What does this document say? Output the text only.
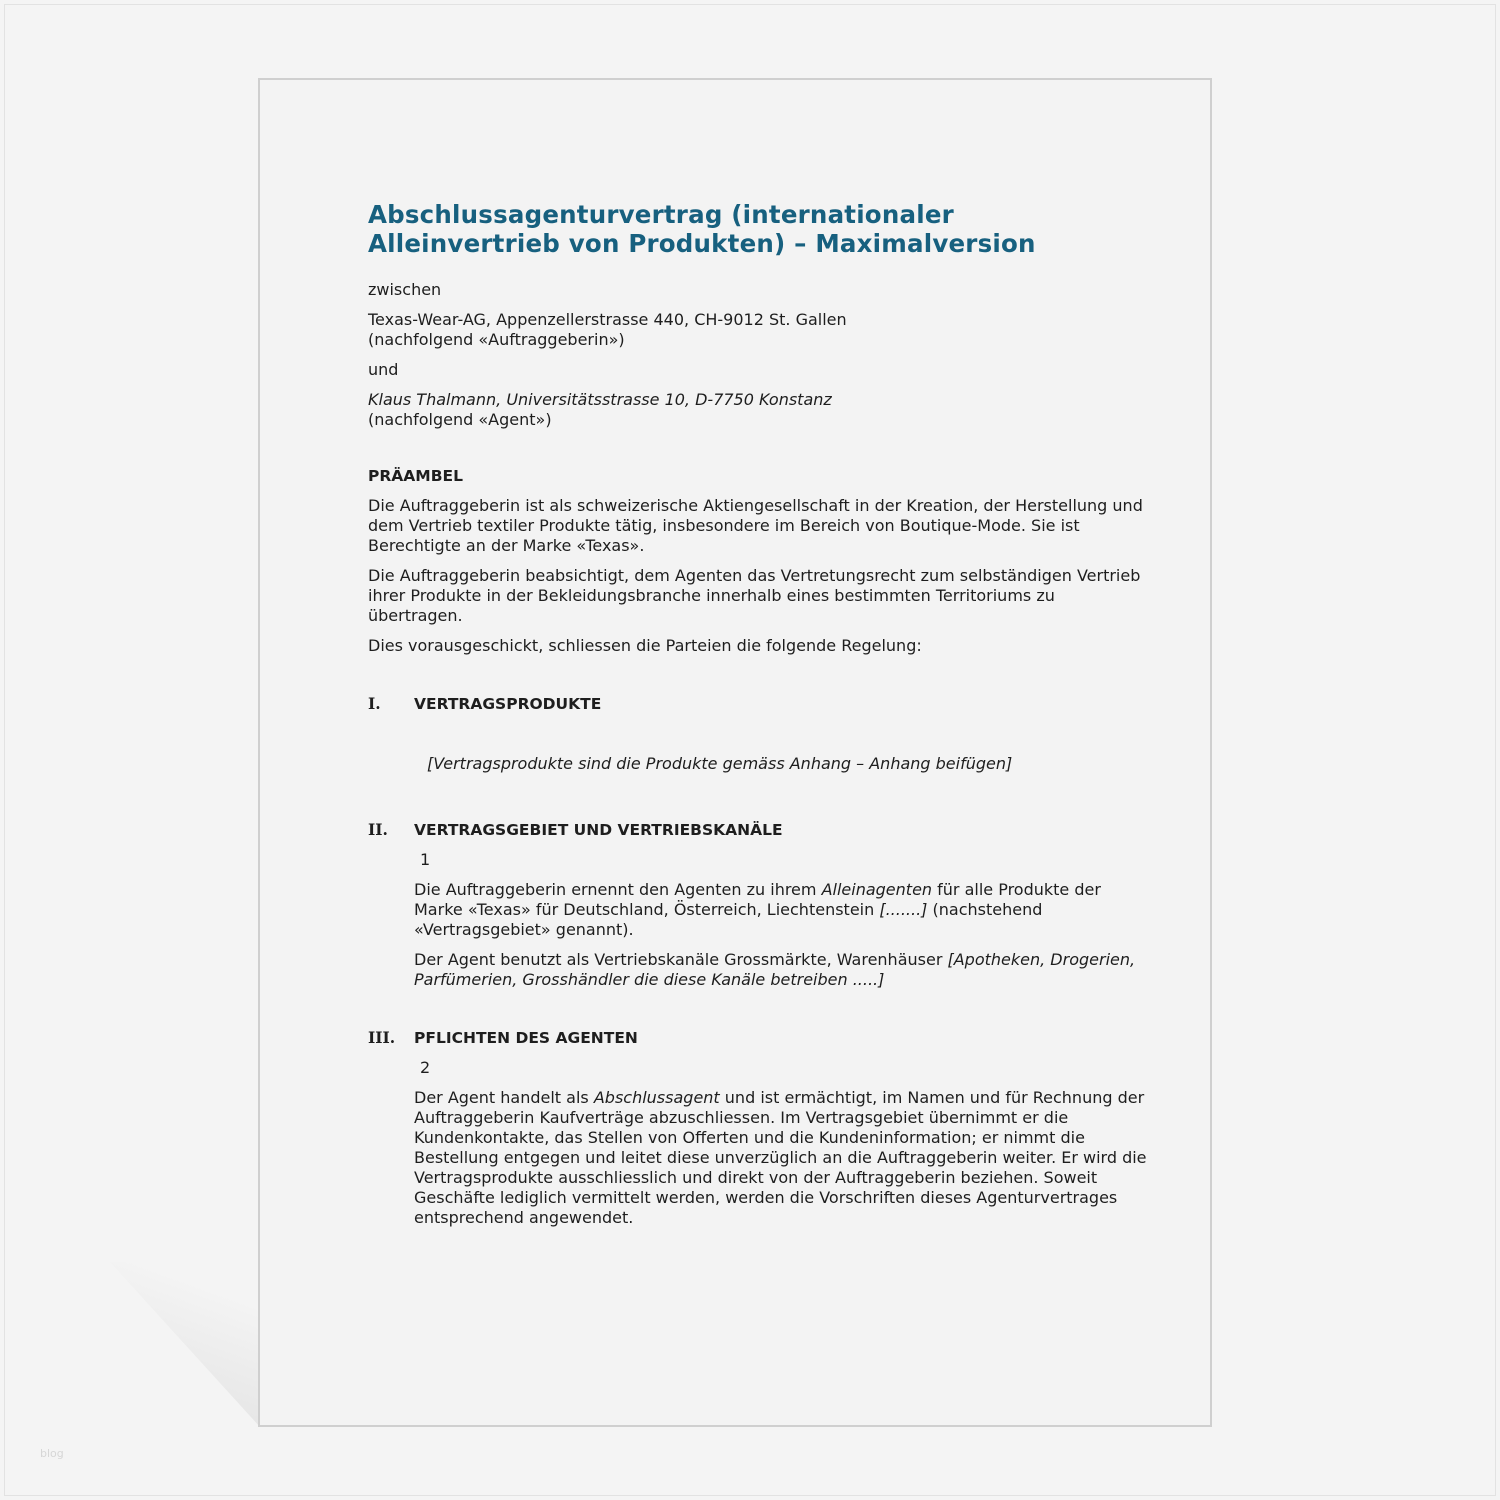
Abschlussagenturvertrag (internationaler
Alleinvertrieb von Produkten) – Maximalversion

zwischen

Texas-Wear-AG, Appenzellerstrasse 440, CH-9012 St. Gallen

(nachfolgend «Auftraggeberin»)

und

Klaus Thalmann, Universitätsstrasse 10, D-7750 Konstanz

(nachfolgend «Agent»)

PRÄAMBEL

Die Auftraggeberin ist als schweizerische Aktiengesellschaft in der Kreation, der Herstellung und dem Vertrieb textiler Produkte tätig, insbesondere im Bereich von Boutique-Mode. Sie ist Berechtigte an der Marke «Texas».

Die Auftraggeberin beabsichtigt, dem Agenten das Vertretungsrecht zum selbständigen Vertrieb ihrer Produkte in der Bekleidungsbranche innerhalb eines bestimmten Territoriums zu übertragen.

Dies vorausgeschickt, schliessen die Parteien die folgende Regelung:

I.	VERTRAGSPRODUKTE

[Vertragsprodukte sind die Produkte gemäss Anhang – Anhang beifügen]

II.	VERTRAGSGEBIET UND VERTRIEBSKANÄLE
1

Die Auftraggeberin ernennt den Agenten zu ihrem Alleinagenten für alle Produkte der Marke «Texas» für Deutschland, Österreich, Liechtenstein [.......] (nachstehend «Vertragsgebiet» genannt).

Der Agent benutzt als Vertriebskanäle Grossmärkte, Warenhäuser [Apotheken, Drogerien, Parfümerien, Grosshändler die diese Kanäle betreiben .....]

III.	PFLICHTEN DES AGENTEN
2

Der Agent handelt als Abschlussagent und ist ermächtigt, im Namen und für Rechnung der Auftraggeberin Kaufverträge abzuschliessen. Im Vertragsgebiet übernimmt er die Kundenkontakte, das Stellen von Offerten und die Kundeninformation; er nimmt die Bestellung entgegen und leitet diese unverzüglich an die Auftraggeberin weiter. Er wird die Vertragsprodukte ausschliesslich und direkt von der Auftraggeberin beziehen. Soweit Geschäfte lediglich vermittelt werden, werden die Vorschriften dieses Agenturvertrages entsprechend angewendet.

blog
